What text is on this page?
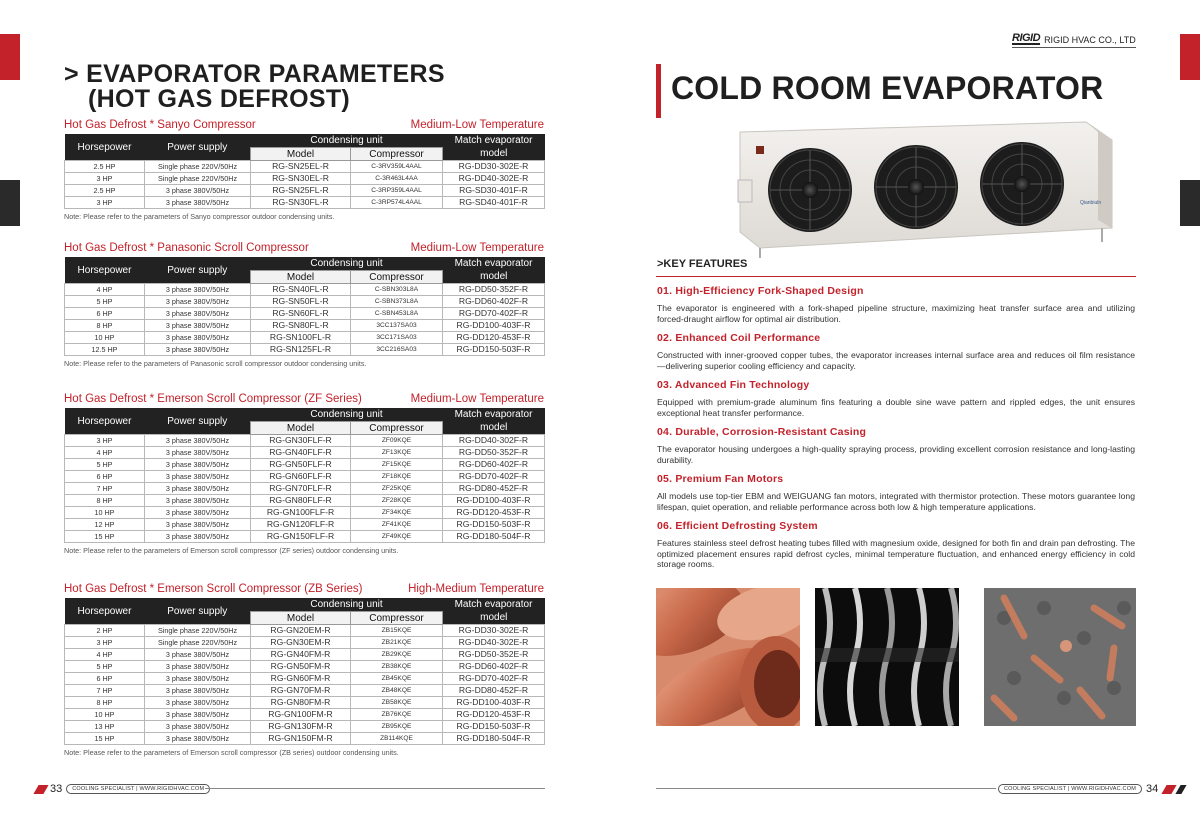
> EVAPORATOR PARAMETERS
(HOT GAS DEFROST)
Hot Gas Defrost * Sanyo Compressor	Medium-Low Temperature
Horsepower	Power supply	Condensing unit		Match evaporator
		Model	Compressor	model
2.5 HP	Single phase 220V/50Hz	RG-SN25EL-R	C-3RV359L4AAL	RG-DD30-302E-R
3 HP	Single phase 220V/50Hz	RG-SN30EL-R	C-3R463L4AA	RG-DD40-302E-R
2.5 HP	3 phase 380V/50Hz	RG-SN25FL-R	C-3RP359L4AAL	RG-SD30-401F-R
3 HP	3 phase 380V/50Hz	RG-SN30FL-R	C-3RP574L4AAL	RG-SD40-401F-R
Note: Please refer to the parameters of Sanyo compressor outdoor condensing units.
Hot Gas Defrost * Panasonic Scroll Compressor	Medium-Low Temperature
Horsepower	Power supply	Condensing unit		Match evaporator
		Model	Compressor	model
4 HP	3 phase 380V/50Hz	RG-SN40FL-R	C-SBN303L8A	RG-DD50-352F-R
5 HP	3 phase 380V/50Hz	RG-SN50FL-R	C-SBN373L8A	RG-DD60-402F-R
6 HP	3 phase 380V/50Hz	RG-SN60FL-R	C-SBN453L8A	RG-DD70-402F-R
8 HP	3 phase 380V/50Hz	RG-SN80FL-R	3CC137SA03	RG-DD100-403F-R
10 HP	3 phase 380V/50Hz	RG-SN100FL-R	3CC171SA03	RG-DD120-453F-R
12.5 HP	3 phase 380V/50Hz	RG-SN125FL-R	3CC216SA03	RG-DD150-503F-R
Note: Please refer to the parameters of Panasonic scroll compressor outdoor condensing units.
Hot Gas Defrost * Emerson Scroll Compressor (ZF Series)	Medium-Low Temperature
Horsepower	Power supply	Condensing unit		Match evaporator
		Model	Compressor	model
3 HP	3 phase 380V/50Hz	RG-GN30FLF-R	ZF09KQE	RG-DD40-302F-R
4 HP	3 phase 380V/50Hz	RG-GN40FLF-R	ZF13KQE	RG-DD50-352F-R
5 HP	3 phase 380V/50Hz	RG-GN50FLF-R	ZF15KQE	RG-DD60-402F-R
6 HP	3 phase 380V/50Hz	RG-GN60FLF-R	ZF18KQE	RG-DD70-402F-R
7 HP	3 phase 380V/50Hz	RG-GN70FLF-R	ZF25KQE	RG-DD80-452F-R
8 HP	3 phase 380V/50Hz	RG-GN80FLF-R	ZF28KQE	RG-DD100-403F-R
10 HP	3 phase 380V/50Hz	RG-GN100FLF-R	ZF34KQE	RG-DD120-453F-R
12 HP	3 phase 380V/50Hz	RG-GN120FLF-R	ZF41KQE	RG-DD150-503F-R
15 HP	3 phase 380V/50Hz	RG-GN150FLF-R	ZF49KQE	RG-DD180-504F-R
Note: Please refer to the parameters of Emerson scroll compressor (ZF series) outdoor condensing units.
Hot Gas Defrost * Emerson Scroll Compressor (ZB Series)	High-Medium Temperature
Horsepower	Power supply	Condensing unit		Match evaporator
		Model	Compressor	model
2 HP	Single phase 220V/50Hz	RG-GN20EM-R	ZB15KQE	RG-DD30-302E-R
3 HP	Single phase 220V/50Hz	RG-GN30EM-R	ZB21KQE	RG-DD40-302E-R
4 HP	3 phase 380V/50Hz	RG-GN40FM-R	ZB29KQE	RG-DD50-352E-R
5 HP	3 phase 380V/50Hz	RG-GN50FM-R	ZB38KQE	RG-DD60-402F-R
6 HP	3 phase 380V/50Hz	RG-GN60FM-R	ZB45KQE	RG-DD70-402F-R
7 HP	3 phase 380V/50Hz	RG-GN70FM-R	ZB48KQE	RG-DD80-452F-R
8 HP	3 phase 380V/50Hz	RG-GN80FM-R	ZB58KQE	RG-DD100-403F-R
10 HP	3 phase 380V/50Hz	RG-GN100FM-R	ZB76KQE	RG-DD120-453F-R
13 HP	3 phase 380V/50Hz	RG-GN130FM-R	ZB95KQE	RG-DD150-503F-R
15 HP	3 phase 380V/50Hz	RG-GN150FM-R	ZB114KQE	RG-DD180-504F-R
Note: Please refer to the parameters of Emerson scroll compressor (ZB series) outdoor condensing units.
33	COOLING SPECIALIST | WWW.RIGIDHVAC.COM
RIGID RIGID HVAC CO., LTD
COLD ROOM EVAPORATOR
Qianbiuln
>KEY FEATURES
01. High-Efficiency Fork-Shaped Design
The evaporator is engineered with a fork-shaped pipeline structure, maximizing heat transfer surface area and utilizing forced-draught airflow for optimal air distribution.
02. Enhanced Coil Performance
Constructed with inner-grooved copper tubes, the evaporator increases internal surface area and reduces oil film resistance—delivering superior cooling efficiency and capacity.
03. Advanced Fin Technology
Equipped with premium-grade aluminum fins featuring a double sine wave pattern and rippled edges, the unit ensures exceptional heat transfer performance.
04. Durable, Corrosion-Resistant Casing
The evaporator housing undergoes a high-quality spraying process, providing excellent corrosion resistance and long-lasting durability.
05. Premium Fan Motors
All models use top-tier EBM and WEIGUANG fan motors, integrated with thermistor protection. These motors guarantee long lifespan, quiet operation, and reliable performance across both low & high temperature applications.
06. Efficient Defrosting System
Features stainless steel defrost heating tubes filled with magnesium oxide, designed for both fin and drain pan defrosting. The optimized placement ensures rapid defrost cycles, minimal temperature fluctuation, and enhanced energy efficiency in cold storage rooms.
COOLING SPECIALIST | WWW.RIGIDHVAC.COM 34
